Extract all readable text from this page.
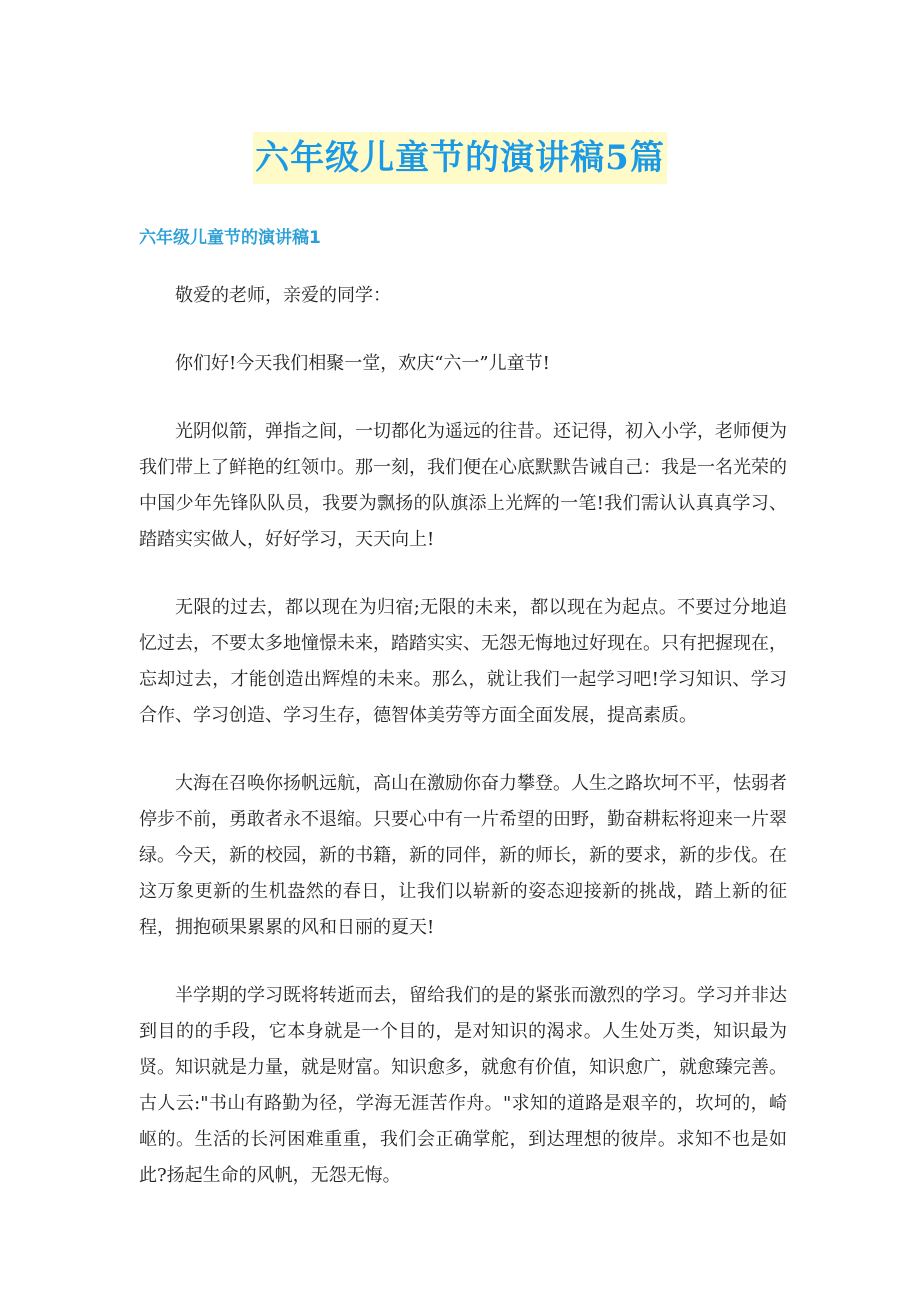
六年级儿童节的演讲稿5篇
六年级儿童节的演讲稿1

敬爱的老师，亲爱的同学：

你们好!今天我们相聚一堂，欢庆“六一”儿童节!

光阴似箭，弹指之间，一切都化为遥远的往昔。还记得，初入小学，老师便为我们带上了鲜艳的红领巾。那一刻，我们便在心底默默告诫自己：我是一名光荣的中国少年先锋队队员，我要为飘扬的队旗添上光辉的一笔!我们需认认真真学习、踏踏实实做人，好好学习，天天向上!

无限的过去，都以现在为归宿;无限的未来，都以现在为起点。不要过分地追忆过去，不要太多地憧憬未来，踏踏实实、无怨无悔地过好现在。只有把握现在，忘却过去，才能创造出辉煌的未来。那么，就让我们一起学习吧!学习知识、学习合作、学习创造、学习生存，德智体美劳等方面全面发展，提高素质。

大海在召唤你扬帆远航，高山在激励你奋力攀登。人生之路坎坷不平，怯弱者停步不前，勇敢者永不退缩。只要心中有一片希望的田野，勤奋耕耘将迎来一片翠绿。今天，新的校园，新的书籍，新的同伴，新的师长，新的要求，新的步伐。在这万象更新的生机盎然的春日，让我们以崭新的姿态迎接新的挑战，踏上新的征程，拥抱硕果累累的风和日丽的夏天!

半学期的学习既将转逝而去，留给我们的是的紧张而激烈的学习。学习并非达到目的的手段，它本身就是一个目的，是对知识的渴求。人生处万类，知识最为贤。知识就是力量，就是财富。知识愈多，就愈有价值，知识愈广，就愈臻完善。古人云:"书山有路勤为径，学海无涯苦作舟。"求知的道路是艰辛的，坎坷的，崎岖的。生活的长河困难重重，我们会正确掌舵，到达理想的彼岸。求知不也是如此?扬起生命的风帆，无怨无悔。
